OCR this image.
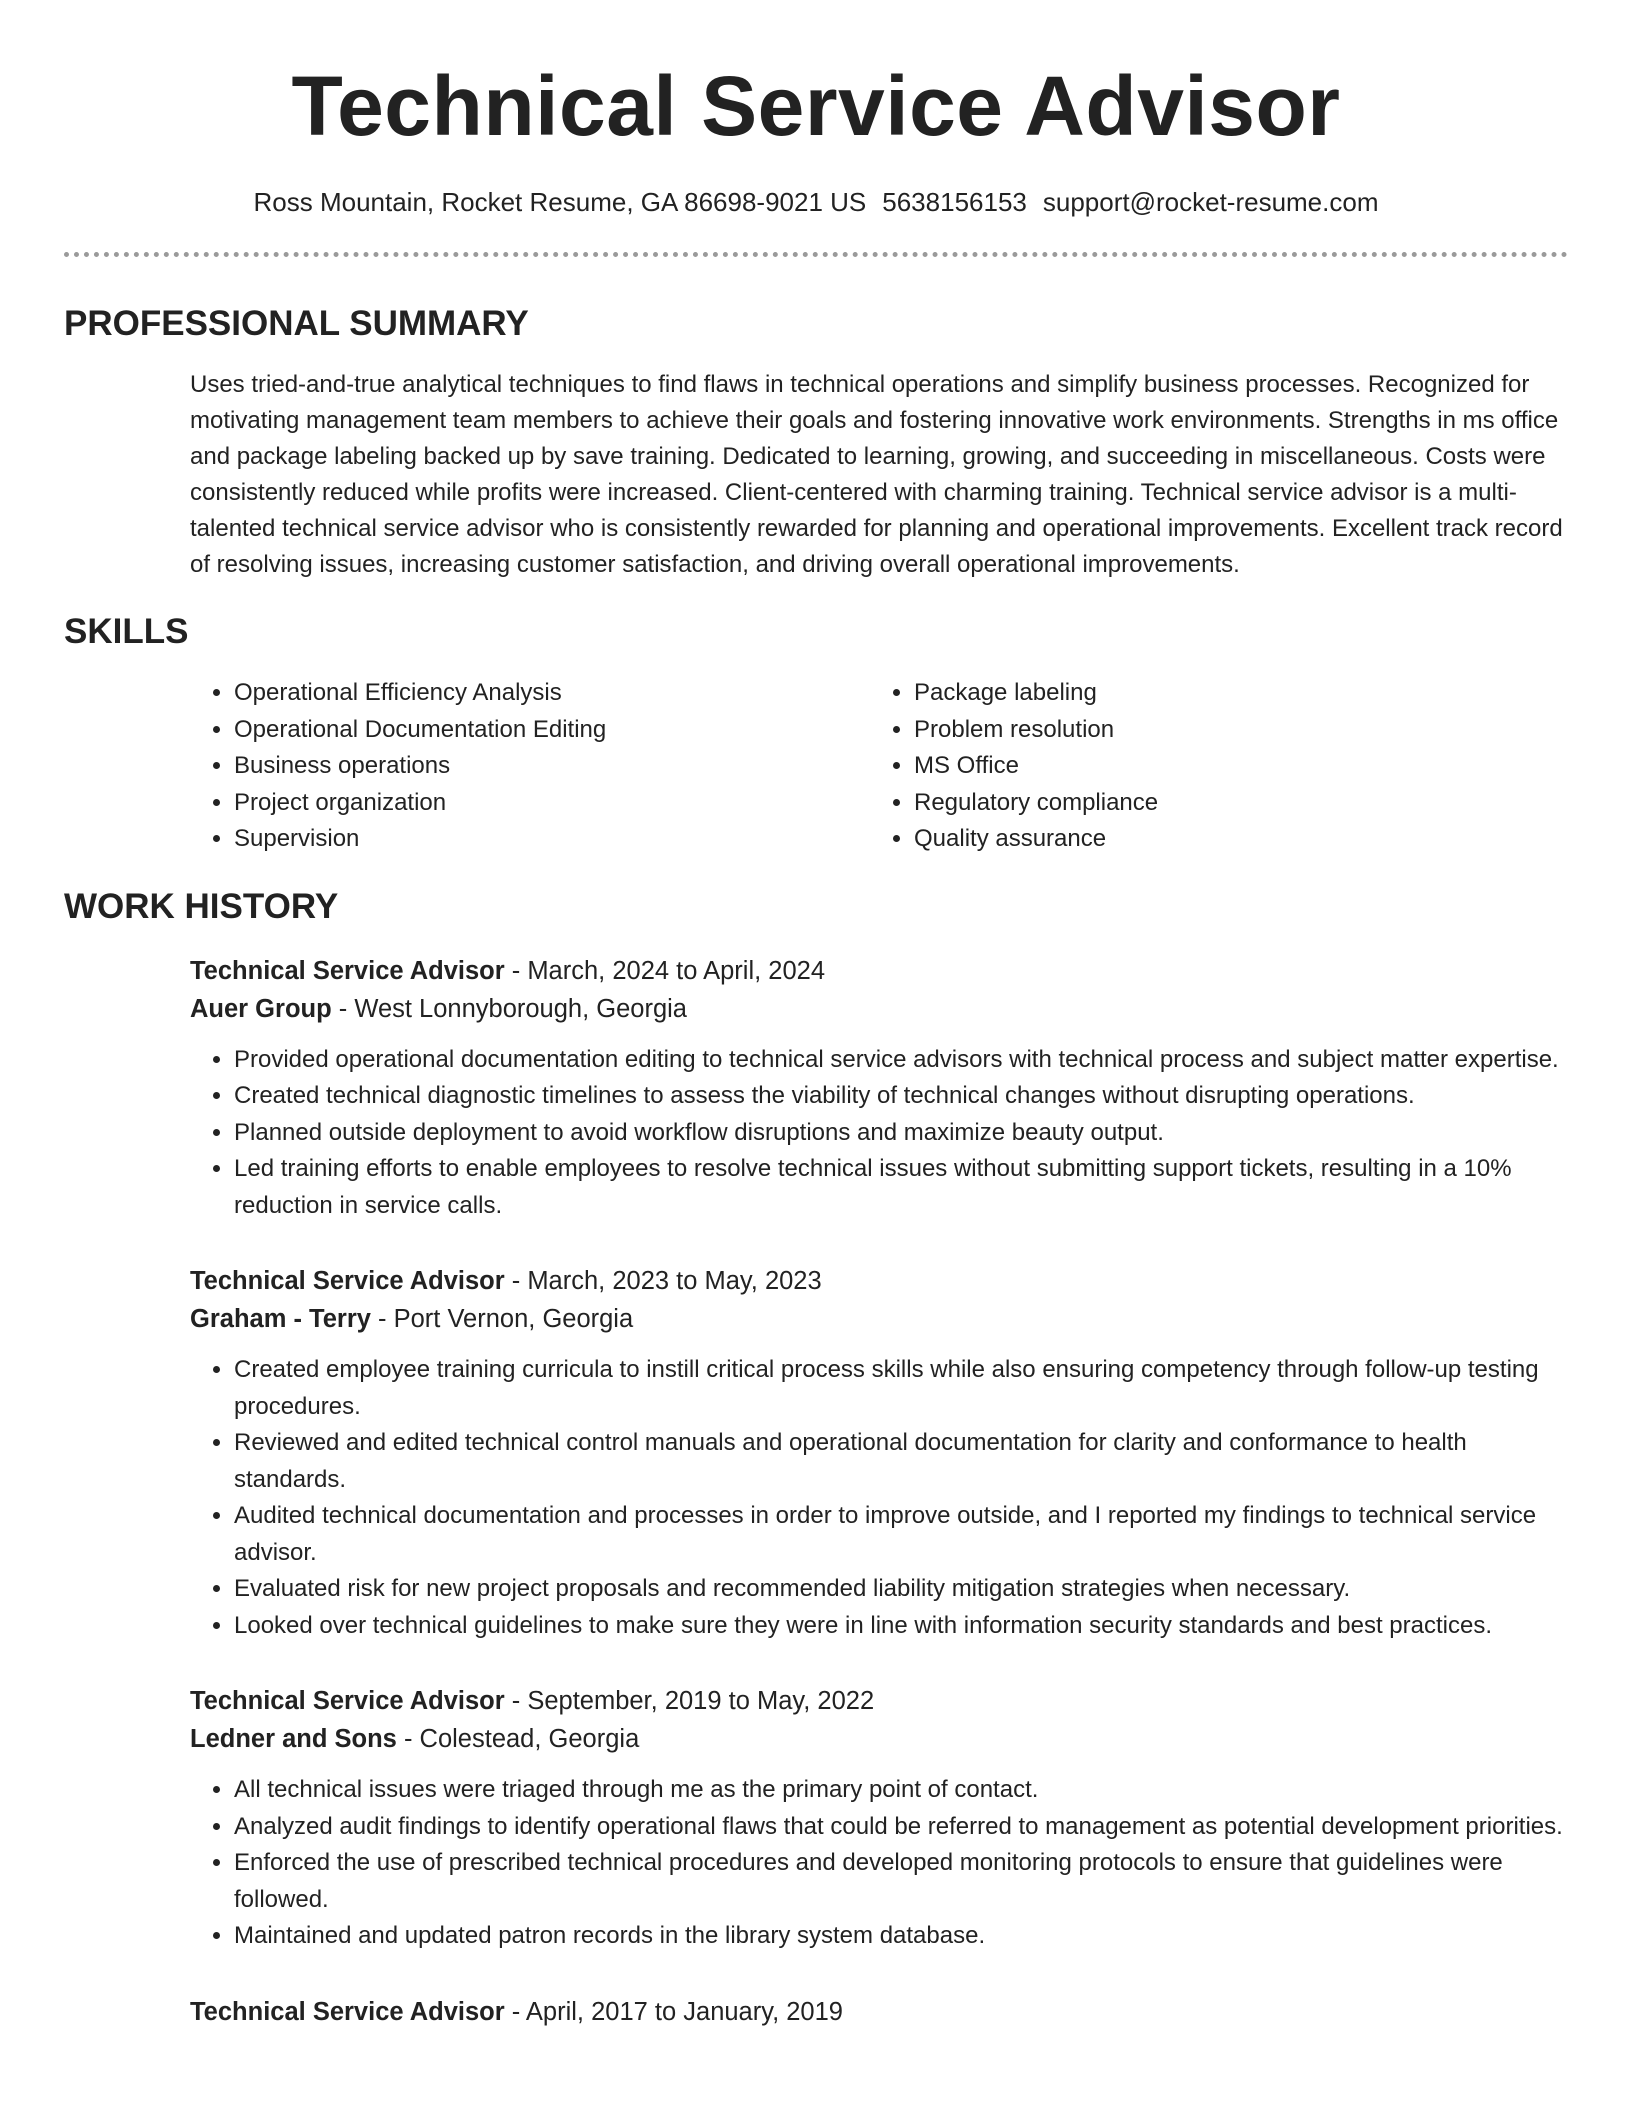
Technical Service Advisor
Ross Mountain, Rocket Resume, GA 86698-9021 US 5638156153 support@rocket-resume.com
PROFESSIONAL SUMMARY
Uses tried-and-true analytical techniques to find flaws in technical operations and simplify business processes. Recognized for motivating management team members to achieve their goals and fostering innovative work environments. Strengths in ms office and package labeling backed up by save training. Dedicated to learning, growing, and succeeding in miscellaneous. Costs were consistently reduced while profits were increased. Client-centered with charming training. Technical service advisor is a multi-talented technical service advisor who is consistently rewarded for planning and operational improvements. Excellent track record of resolving issues, increasing customer satisfaction, and driving overall operational improvements.
SKILLS
• Operational Efficiency Analysis
• Operational Documentation Editing
• Business operations
• Project organization
• Supervision
• Package labeling
• Problem resolution
• MS Office
• Regulatory compliance
• Quality assurance
WORK HISTORY
Technical Service Advisor - March, 2024 to April, 2024
Auer Group - West Lonnyborough, Georgia
• Provided operational documentation editing to technical service advisors with technical process and subject matter expertise.
• Created technical diagnostic timelines to assess the viability of technical changes without disrupting operations.
• Planned outside deployment to avoid workflow disruptions and maximize beauty output.
• Led training efforts to enable employees to resolve technical issues without submitting support tickets, resulting in a 10% reduction in service calls.
Technical Service Advisor - March, 2023 to May, 2023
Graham - Terry - Port Vernon, Georgia
• Created employee training curricula to instill critical process skills while also ensuring competency through follow-up testing procedures.
• Reviewed and edited technical control manuals and operational documentation for clarity and conformance to health standards.
• Audited technical documentation and processes in order to improve outside, and I reported my findings to technical service advisor.
• Evaluated risk for new project proposals and recommended liability mitigation strategies when necessary.
• Looked over technical guidelines to make sure they were in line with information security standards and best practices.
Technical Service Advisor - September, 2019 to May, 2022
Ledner and Sons - Colestead, Georgia
• All technical issues were triaged through me as the primary point of contact.
• Analyzed audit findings to identify operational flaws that could be referred to management as potential development priorities.
• Enforced the use of prescribed technical procedures and developed monitoring protocols to ensure that guidelines were followed.
• Maintained and updated patron records in the library system database.
Technical Service Advisor - April, 2017 to January, 2019
